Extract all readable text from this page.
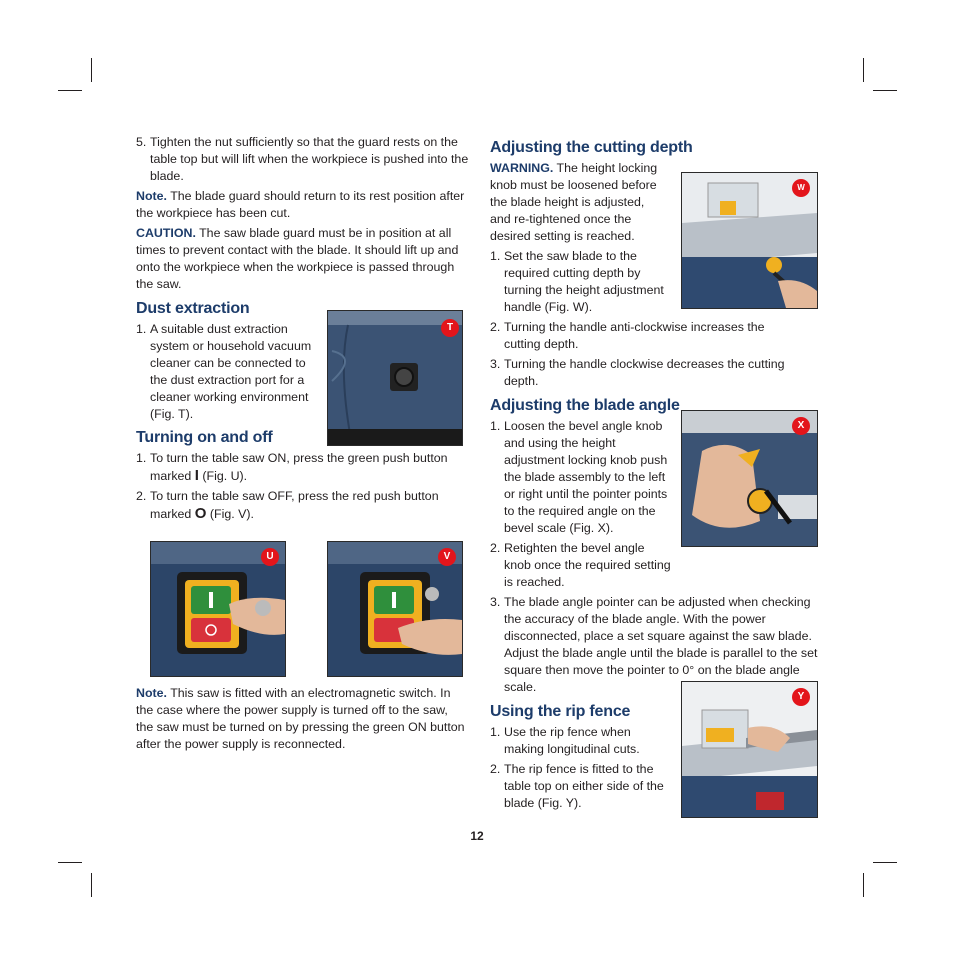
5. Tighten the nut sufficiently so that the guard rests on the table top but will lift when the workpiece is pushed into the blade.

Note. The blade guard should return to its rest position after the workpiece has been cut.

CAUTION. The saw blade guard must be in position at all times to prevent contact with the blade. It should lift up and onto the workpiece when the workpiece is passed through the saw.

Dust extraction
1. A suitable dust extraction system or household vacuum cleaner can be connected to the dust extraction port for a cleaner working environment (Fig. T).
Turning on and off
1. To turn the table saw ON, press the green push button marked I (Fig. U).
2. To turn the table saw OFF, press the red push button marked O (Fig. V).

Note. This saw is fitted with an electromagnetic switch. In the case where the power supply is turned off to the saw, the saw must be turned on by pressing the green ON button after the power supply is reconnected.

Adjusting the cutting depth

WARNING. The height locking knob must be loosened before the blade height is adjusted, and re-tightened once the desired setting is reached.

1. Set the saw blade to the required cutting depth by turning the height adjustment handle (Fig. W).
2. Turning the handle anti-clockwise increases the cutting depth.
3. Turning the handle clockwise decreases the cutting depth.
Adjusting the blade angle
1. Loosen the bevel angle knob and using the height adjustment locking knob push the blade assembly to the left or right until the pointer points to the required angle on the bevel scale (Fig. X).
2. Retighten the bevel angle knob once the required setting is reached.
3. The blade angle pointer can be adjusted when checking the accuracy of the blade angle. With the power disconnected, place a set square against the saw blade. Adjust the blade angle until the blade is parallel to the set square then move the pointer to 0° on the blade angle scale.
Using the rip fence
1. Use the rip fence when making longitudinal cuts.
2. The rip fence is fitted to the table top on either side of the blade (Fig. Y).
T
U	V
W
X
Y
12
